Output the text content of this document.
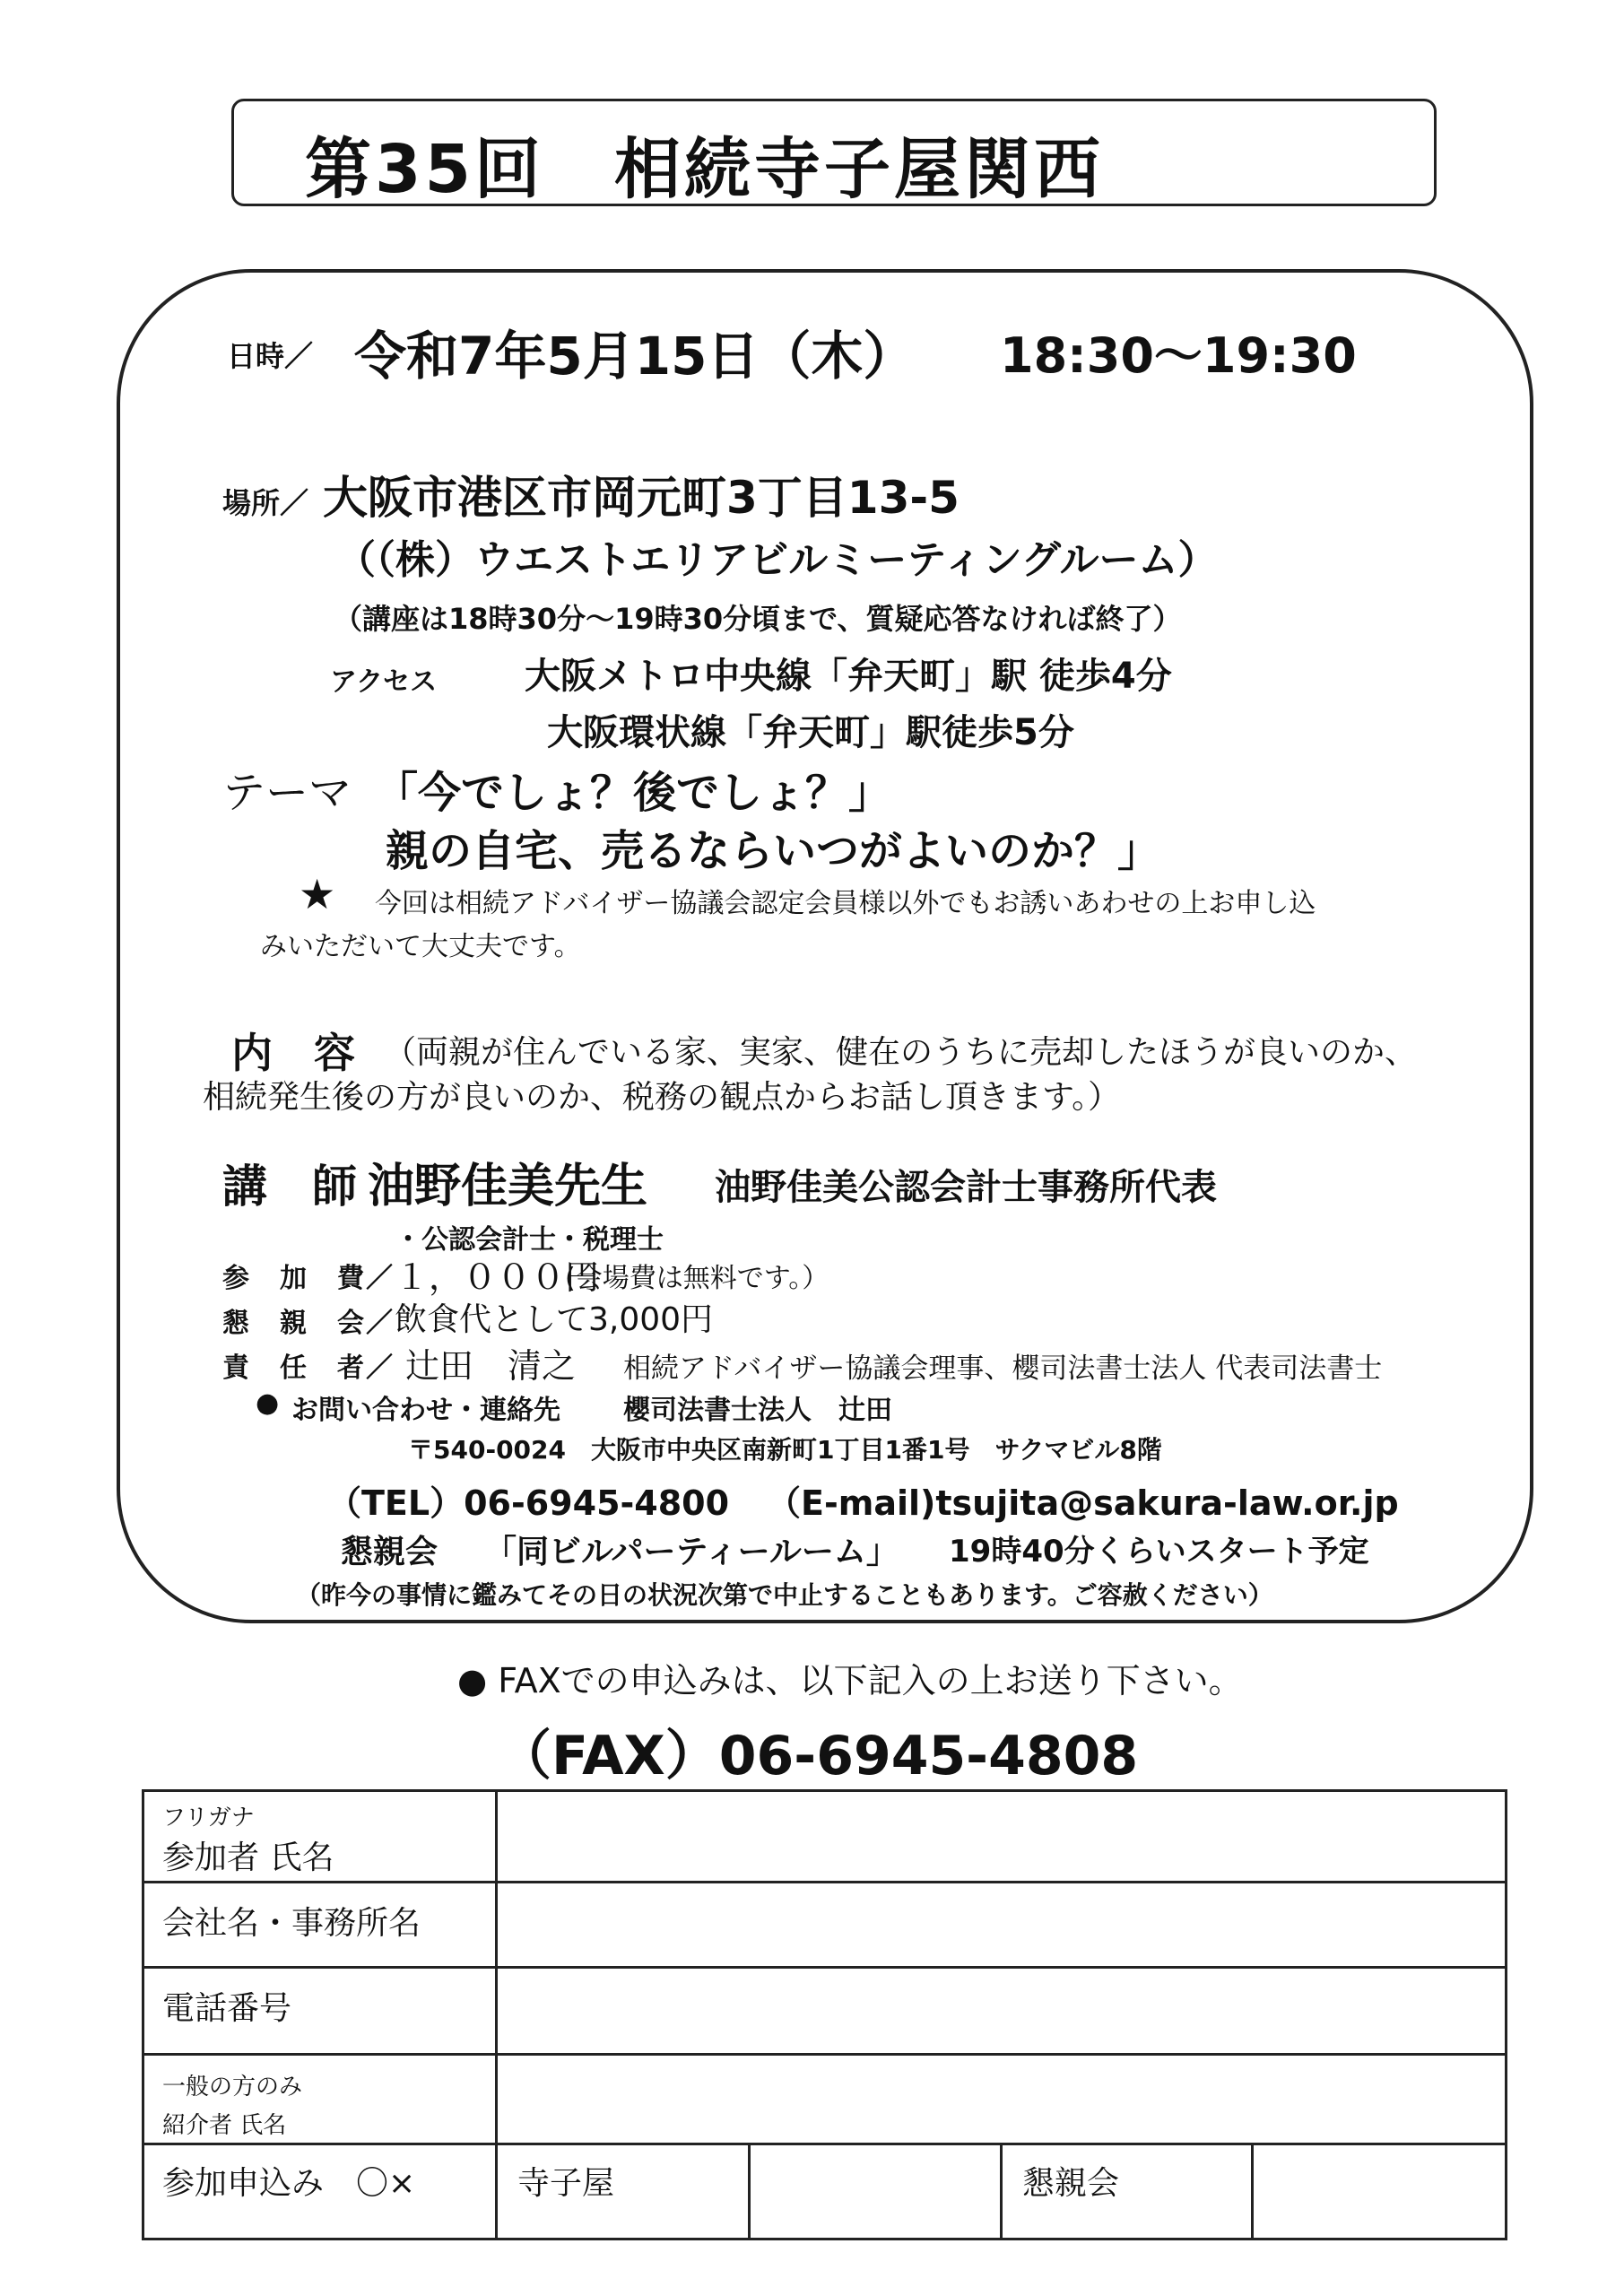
第35回　相続寺子屋関西
日時／ 令和7年5月15日（木） 18:30～19:30
場所／ 大阪市港区市岡元町3丁目13-5
（（株）ウエストエリアビルミーティングルーム）
（講座は18時30分～19時30分頃まで、質疑応答なければ終了）
アクセス 大阪メトロ中央線「弁天町」駅 徒歩4分
大阪環状線「弁天町」駅徒歩5分
テーマ 「今でしょ？後でしょ？」
親の自宅、売るならいつがよいのか？」
★ 今回は相続アドバイザー協議会認定会員様以外でもお誘いあわせの上お申し込
みいただいて大丈夫です。
内　容 （両親が住んでいる家、実家、健在のうちに売却したほうが良いのか、
相続発生後の方が良いのか、税務の観点からお話し頂きます。）
講　師 油野佳美先生 油野佳美公認会計士事務所代表
・公認会計士・税理士
参　加　費／ １，０００円
(会場費は無料です。）
懇　親　会／ 飲食代として3,000円
責　任　者／ 辻田　清之 相続アドバイザー協議会理事、櫻司法書士法人 代表司法書士
● お問い合わせ・連絡先 櫻司法書士法人　辻田
〒540-0024　大阪市中央区南新町1丁目1番1号　サクマビル8階
（TEL）06-6945-4800 （E-mail)tsujita@sakura-law.or.jp
懇親会 「同ビルパーティールーム」 19時40分くらいスタート予定
（昨今の事情に鑑みてその日の状況次第で中止することもあります。ご容赦ください）
● FAXでの申込みは、以下記入の上お送り下さい。
（FAX）06-6945-4808
フリガナ
参加者 氏名				

会社名・事務所名				

電話番号				

一般の方のみ
紹介者 氏名				

参加申込み　〇×	寺子屋		懇親会	
